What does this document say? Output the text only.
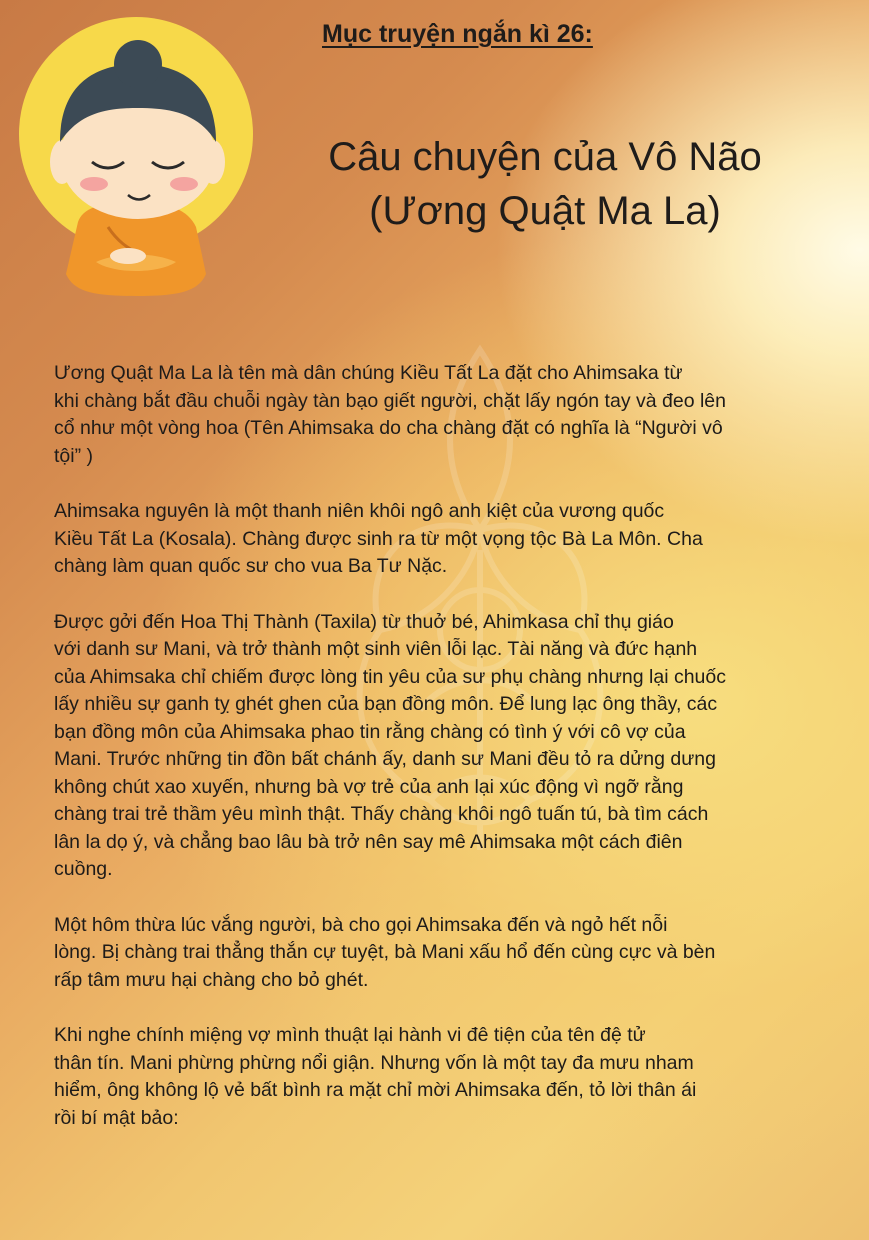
Mục truyện ngắn kì 26:
Câu chuyện của Vô Não
(Ương Quật Ma La)

Ương Quật Ma La là tên mà dân chúng Kiều Tất La đặt cho Ahimsaka từ
khi chàng bắt đầu chuỗi ngày tàn bạo giết người, chặt lấy ngón tay và đeo lên
cổ như một vòng hoa (Tên Ahimsaka do cha chàng đặt có nghĩa là “Người vô
tội” )

Ahimsaka nguyên là một thanh niên khôi ngô anh kiệt của vương quốc
Kiều Tất La (Kosala). Chàng được sinh ra từ một vọng tộc Bà La Môn. Cha
chàng làm quan quốc sư cho vua Ba Tư Nặc.

Được gởi đến Hoa Thị Thành (Taxila) từ thuở bé, Ahimkasa chỉ thụ giáo
với danh sư Mani, và trở thành một sinh viên lỗi lạc. Tài năng và đức hạnh
của Ahimsaka chỉ chiếm được lòng tin yêu của sư phụ chàng nhưng lại chuốc
lấy nhiều sự ganh tỵ ghét ghen của bạn đồng môn. Để lung lạc ông thầy, các
bạn đồng môn của Ahimsaka phao tin rằng chàng có tình ý với cô vợ của
Mani. Trước những tin đồn bất chánh ấy, danh sư Mani đều tỏ ra dửng dưng
không chút xao xuyến, nhưng bà vợ trẻ của anh lại xúc động vì ngỡ rằng
chàng trai trẻ thầm yêu mình thật. Thấy chàng khôi ngô tuấn tú, bà tìm cách
lân la dọ ý, và chẳng bao lâu bà trở nên say mê Ahimsaka một cách điên
cuồng.

Một hôm thừa lúc vắng người, bà cho gọi Ahimsaka đến và ngỏ hết nỗi
lòng. Bị chàng trai thẳng thắn cự tuyệt, bà Mani xấu hổ đến cùng cực và bèn
rấp tâm mưu hại chàng cho bỏ ghét.

Khi nghe chính miệng vợ mình thuật lại hành vi đê tiện của tên đệ tử
thân tín. Mani phừng phừng nổi giận. Nhưng vốn là một tay đa mưu nham
hiểm, ông không lộ vẻ bất bình ra mặt chỉ mời Ahimsaka đến, tỏ lời thân ái
rồi bí mật bảo:
